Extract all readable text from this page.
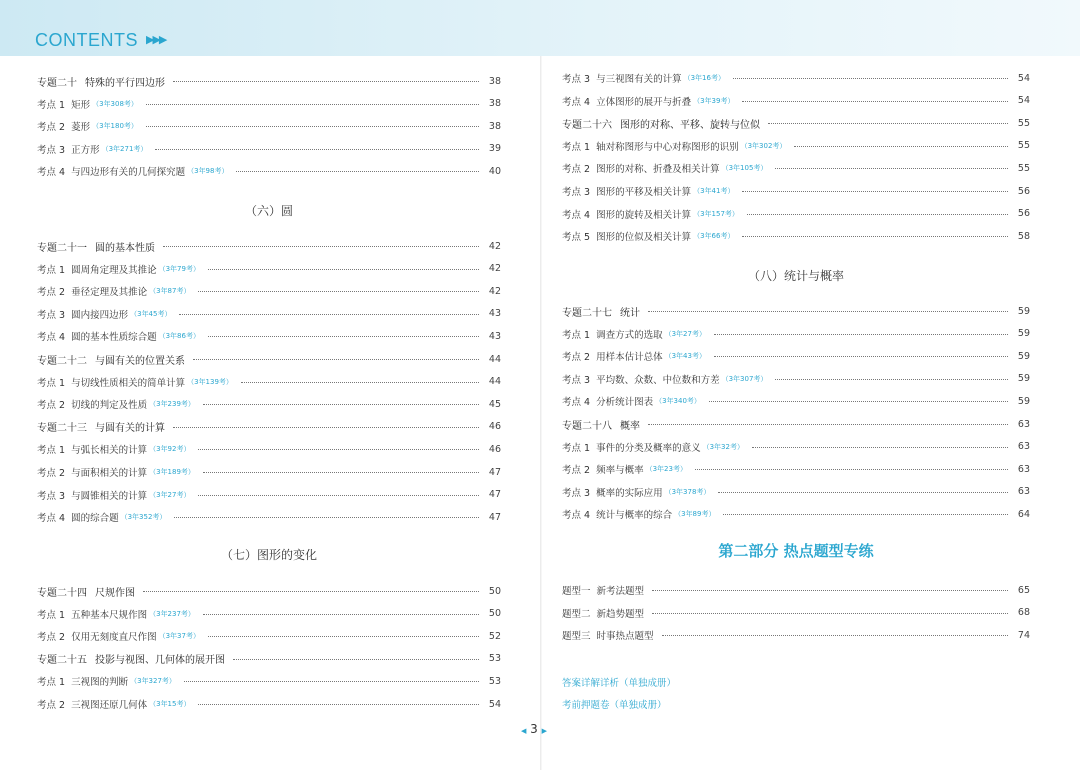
CONTENTS ▶▶▶
专题二十 特殊的平行四边形	38
考点 1 矩形 （3年308考）	38
考点 2 菱形 （3年180考）	38
考点 3 正方形 （3年271考）	39
考点 4 与四边形有关的几何探究题 （3年98考）	40
（六）圆
专题二十一 圆的基本性质	42
考点 1 圆周角定理及其推论 （3年79考）	42
考点 2 垂径定理及其推论 （3年87考）	42
考点 3 圆内接四边形 （3年45考）	43
考点 4 圆的基本性质综合题 （3年86考）	43
专题二十二 与圆有关的位置关系	44
考点 1 与切线性质相关的简单计算 （3年139考）	44
考点 2 切线的判定及性质 （3年239考）	45
专题二十三 与圆有关的计算	46
考点 1 与弧长相关的计算 （3年92考）	46
考点 2 与面积相关的计算 （3年189考）	47
考点 3 与圆锥相关的计算 （3年27考）	47
考点 4 圆的综合题 （3年352考）	47
（七）图形的变化
专题二十四 尺规作图	50
考点 1 五种基本尺规作图 （3年237考）	50
考点 2 仅用无刻度直尺作图 （3年37考）	52
专题二十五 投影与视图、几何体的展开图	53
考点 1 三视图的判断 （3年327考）	53
考点 2 三视图还原几何体 （3年15考）	54
考点 3 与三视图有关的计算 （3年16考）	54
考点 4 立体图形的展开与折叠 （3年39考）	54
专题二十六 图形的对称、平移、旋转与位似	55
考点 1 轴对称图形与中心对称图形的识别 （3年302考）	55
考点 2 图形的对称、折叠及相关计算 （3年105考）	55
考点 3 图形的平移及相关计算 （3年41考）	56
考点 4 图形的旋转及相关计算 （3年157考）	56
考点 5 图形的位似及相关计算 （3年66考）	58
（八）统计与概率
专题二十七 统计	59
考点 1 调查方式的选取 （3年27考）	59
考点 2 用样本估计总体 （3年43考）	59
考点 3 平均数、众数、中位数和方差 （3年307考）	59
考点 4 分析统计图表 （3年340考）	59
专题二十八 概率	63
考点 1 事件的分类及概率的意义 （3年32考）	63
考点 2 频率与概率 （3年23考）	63
考点 3 概率的实际应用 （3年378考）	63
考点 4 统计与概率的综合 （3年89考）	64
第二部分 热点题型专练
题型一 新考法题型	65
题型二 新趋势题型	68
题型三 时事热点题型	74
答案详解详析（单独成册）
考前押题卷（单独成册）
◀ 3 ▶
